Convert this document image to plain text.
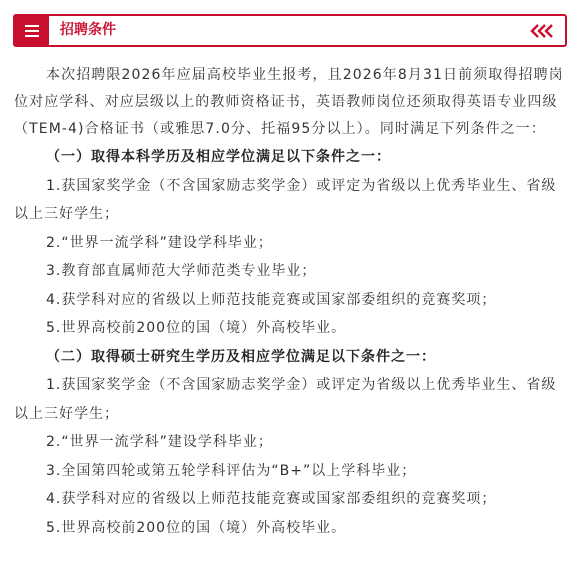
招聘条件

本次招聘限2026年应届高校毕业生报考，且2026年8月31日前须取得招聘岗位对应学科、对应层级以上的教师资格证书，英语教师岗位还须取得英语专业四级（TEM-4)合格证书（或雅思7.0分、托福95分以上）。同时满足下列条件之一：

（一）取得本科学历及相应学位满足以下条件之一：

1.获国家奖学金（不含国家励志奖学金）或评定为省级以上优秀毕业生、省级以上三好学生；

2.“世界一流学科”建设学科毕业；

3.教育部直属师范大学师范类专业毕业；

4.获学科对应的省级以上师范技能竞赛或国家部委组织的竞赛奖项；

5.世界高校前200位的国（境）外高校毕业。

（二）取得硕士研究生学历及相应学位满足以下条件之一：

1.获国家奖学金（不含国家励志奖学金）或评定为省级以上优秀毕业生、省级以上三好学生；

2.“世界一流学科”建设学科毕业；

3.全国第四轮或第五轮学科评估为“B+”以上学科毕业；

4.获学科对应的省级以上师范技能竞赛或国家部委组织的竞赛奖项；

5.世界高校前200位的国（境）外高校毕业。
